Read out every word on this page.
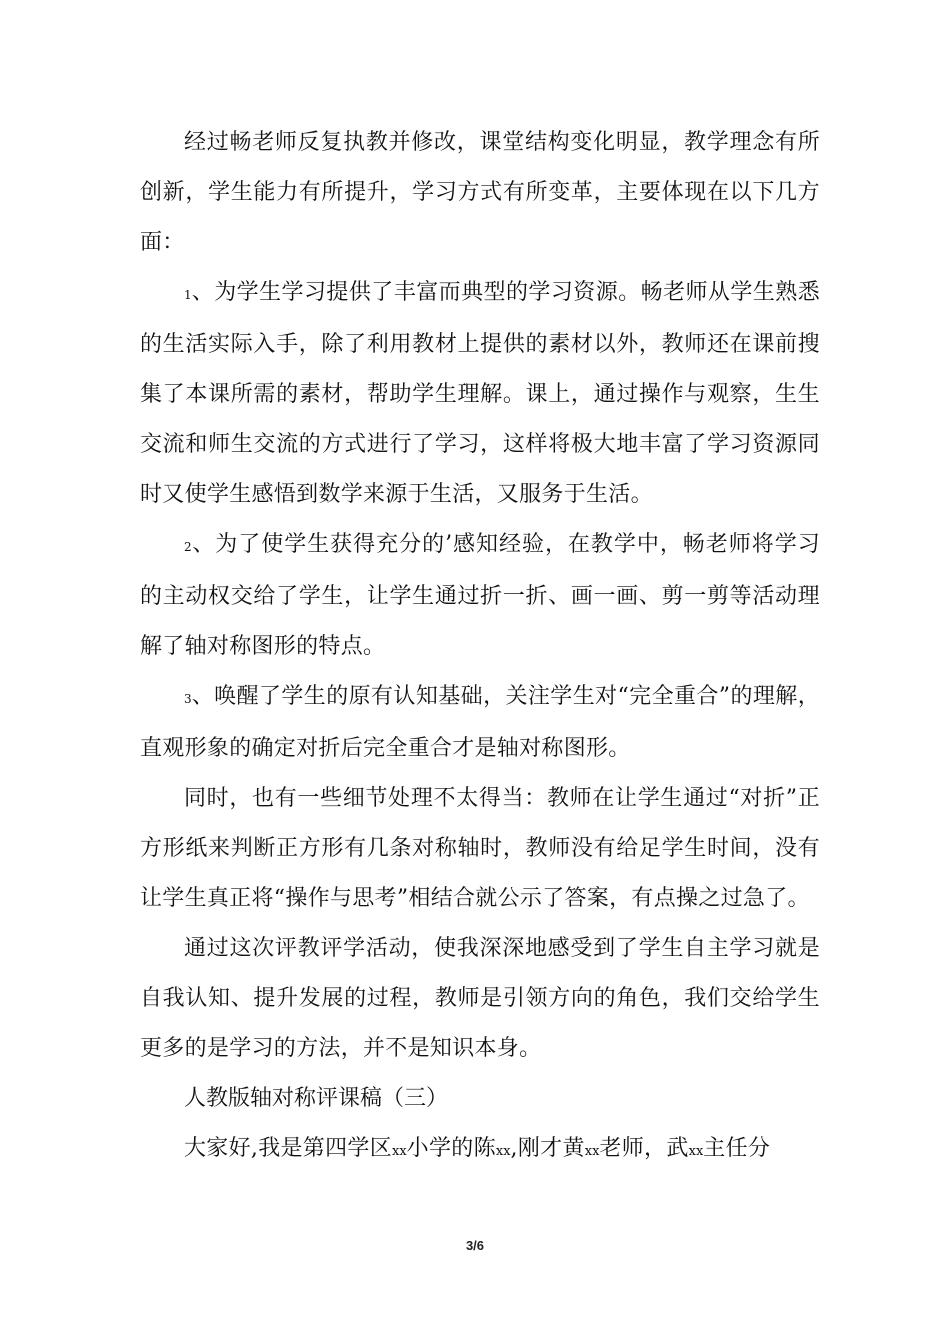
经过畅老师反复执教并修改，课堂结构变化明显，教学理念有所创新，学生能力有所提升，学习方式有所变革，主要体现在以下几方面：

1、为学生学习提供了丰富而典型的学习资源。畅老师从学生熟悉的生活实际入手，除了利用教材上提供的素材以外，教师还在课前搜集了本课所需的素材，帮助学生理解。课上，通过操作与观察，生生交流和师生交流的方式进行了学习，这样将极大地丰富了学习资源同时又使学生感悟到数学来源于生活，又服务于生活。

2、为了使学生获得充分的’感知经验，在教学中，畅老师将学习的主动权交给了学生，让学生通过折一折、画一画、剪一剪等活动理解了轴对称图形的特点。

3、唤醒了学生的原有认知基础，关注学生对“完全重合”的理解，直观形象的确定对折后完全重合才是轴对称图形。

同时，也有一些细节处理不太得当：教师在让学生通过“对折”正方形纸来判断正方形有几条对称轴时，教师没有给足学生时间，没有让学生真正将“操作与思考”相结合就公示了答案，有点操之过急了。

通过这次评教评学活动，使我深深地感受到了学生自主学习就是自我认知、提升发展的过程，教师是引领方向的角色，我们交给学生更多的是学习的方法，并不是知识本身。

人教版轴对称评课稿（三）

大家好,我是第四学区xx小学的陈xx,刚才黄xx老师，武xx主任分

3/6
